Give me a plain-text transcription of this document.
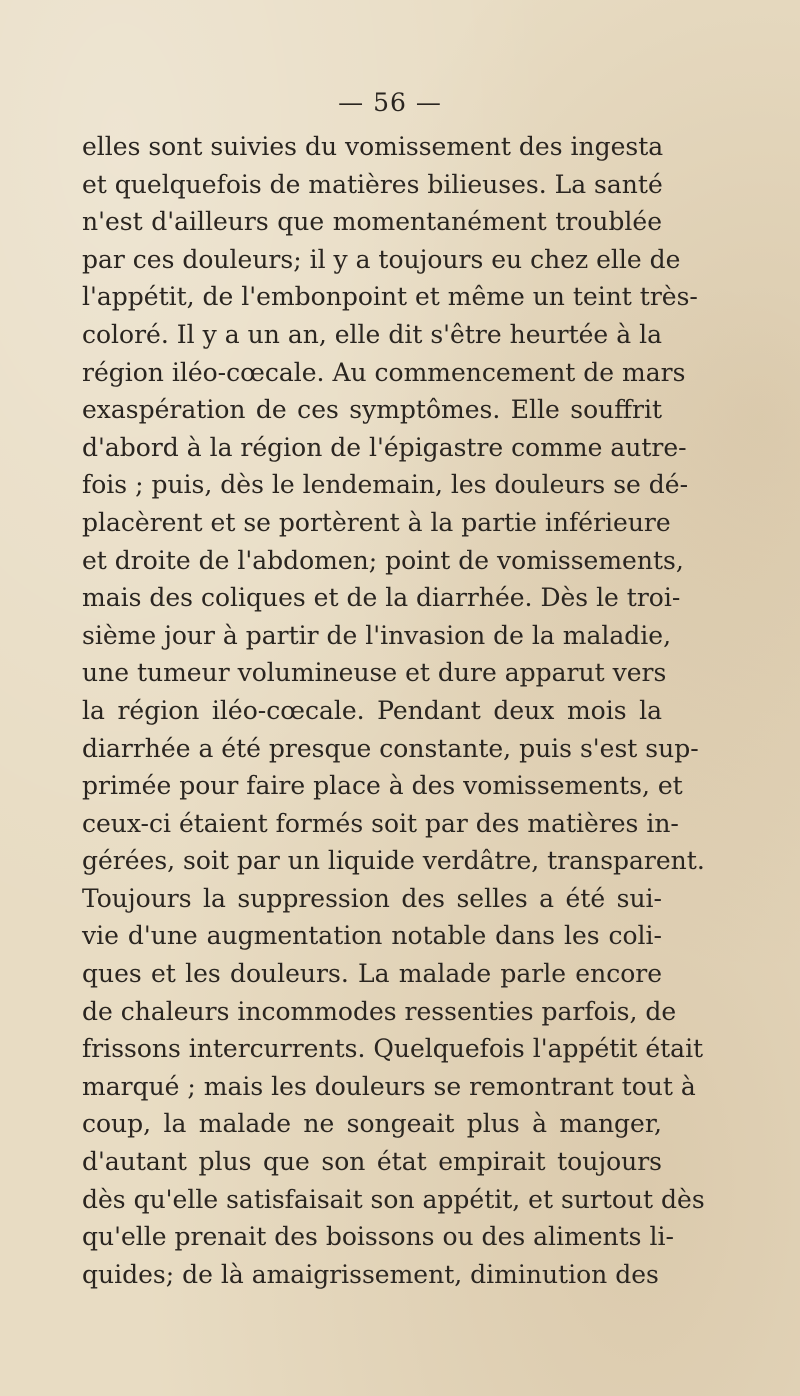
— 56 —
elles sont suivies du vomissement des ingesta
et quelquefois de matières bilieuses. La santé
n'est d'ailleurs que momentanément troublée
par ces douleurs; il y a toujours eu chez elle de
l'appétit, de l'embonpoint et même un teint très-
coloré. Il y a un an, elle dit s'être heurtée à la
région iléo-cœcale. Au commencement de mars
exaspération de ces symptômes. Elle souffrit
d'abord à la région de l'épigastre comme autre-
fois ; puis, dès le lendemain, les douleurs se dé-
placèrent et se portèrent à la partie inférieure
et droite de l'abdomen; point de vomissements,
mais des coliques et de la diarrhée. Dès le troi-
sième jour à partir de l'invasion de la maladie,
une tumeur volumineuse et dure apparut vers
la région iléo-cœcale. Pendant deux mois la
diarrhée a été presque constante, puis s'est sup-
primée pour faire place à des vomissements, et
ceux-ci étaient formés soit par des matières in-
gérées, soit par un liquide verdâtre, transparent.
Toujours la suppression des selles a été sui-
vie d'une augmentation notable dans les coli-
ques et les douleurs. La malade parle encore
de chaleurs incommodes ressenties parfois, de
frissons intercurrents. Quelquefois l'appétit était
marqué ; mais les douleurs se remontrant tout à
coup, la malade ne songeait plus à manger,
d'autant plus que son état empirait toujours
dès qu'elle satisfaisait son appétit, et surtout dès
qu'elle prenait des boissons ou des aliments li-
quides; de là amaigrissement, diminution des
